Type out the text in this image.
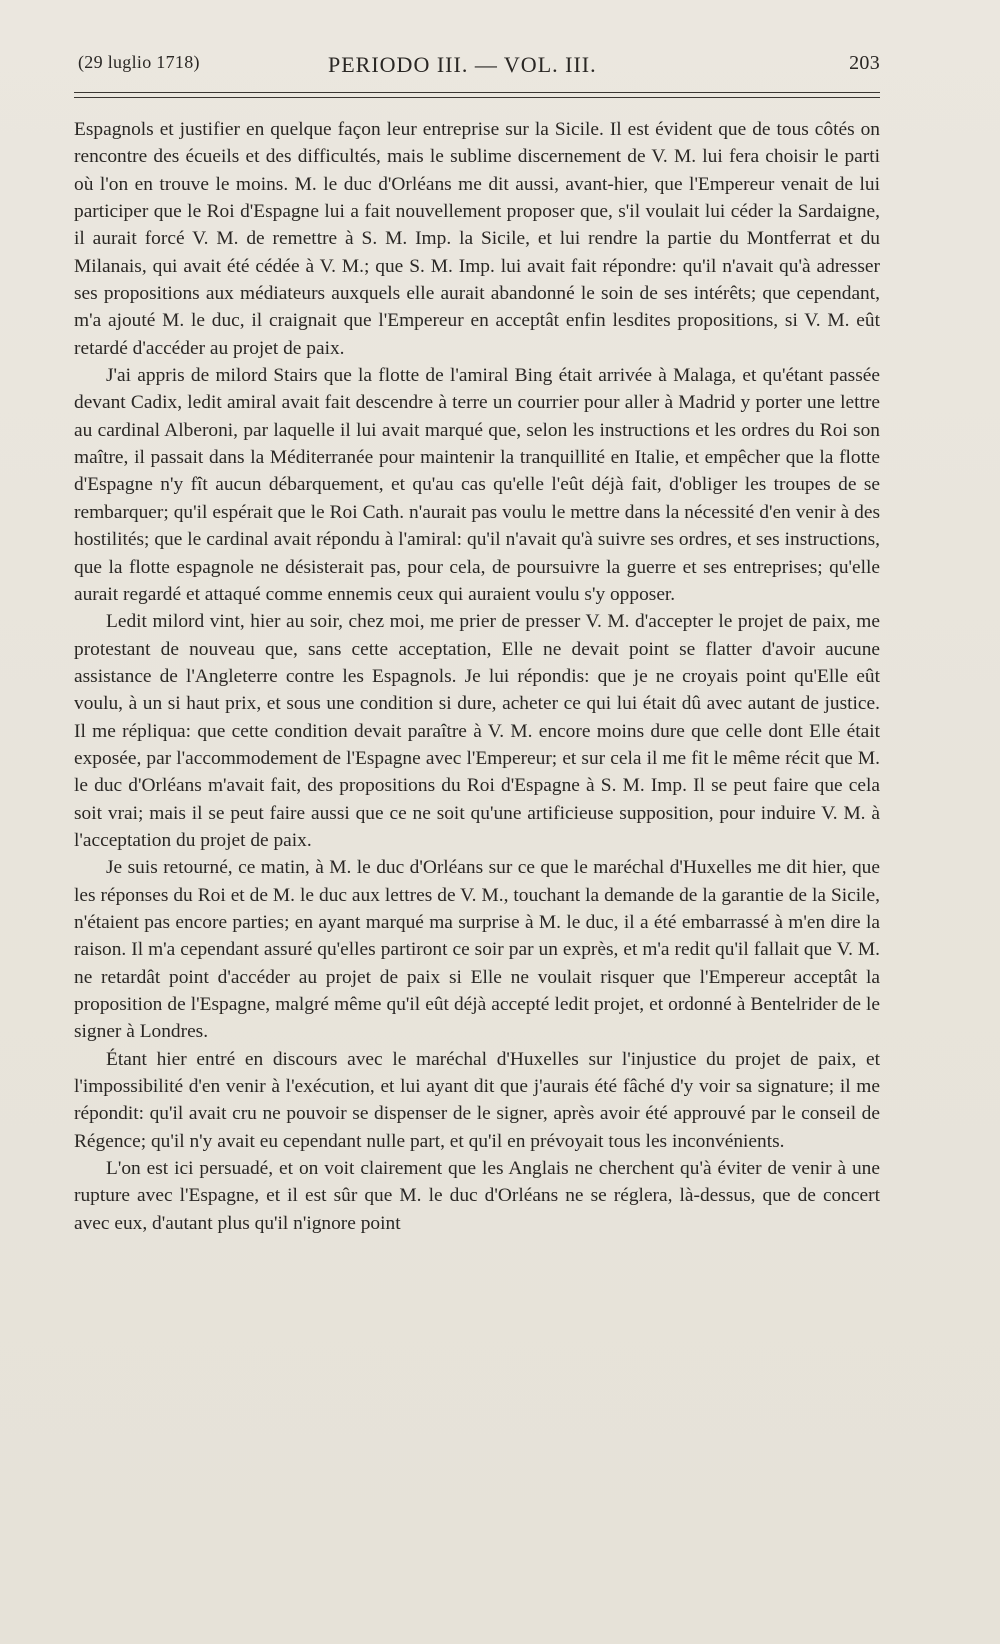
(29 luglio 1718)	PERIODO III. — VOL. III.	203

Espagnols et justifier en quelque façon leur entreprise sur la Sicile. Il est évident que de tous côtés on rencontre des écueils et des difficultés, mais le sublime discernement de V. M. lui fera choisir le parti où l'on en trouve le moins. M. le duc d'Orléans me dit aussi, avant-hier, que l'Empereur venait de lui participer que le Roi d'Espagne lui a fait nouvellement proposer que, s'il voulait lui céder la Sardaigne, il aurait forcé V. M. de remettre à S. M. Imp. la Sicile, et lui rendre la partie du Montferrat et du Milanais, qui avait été cédée à V. M.; que S. M. Imp. lui avait fait répondre: qu'il n'avait qu'à adresser ses propositions aux médiateurs auxquels elle aurait abandonné le soin de ses intérêts; que cependant, m'a ajouté M. le duc, il craignait que l'Empereur en acceptât enfin lesdites propositions, si V. M. eût retardé d'accéder au projet de paix.

J'ai appris de milord Stairs que la flotte de l'amiral Bing était arrivée à Malaga, et qu'étant passée devant Cadix, ledit amiral avait fait descendre à terre un courrier pour aller à Madrid y porter une lettre au cardinal Alberoni, par laquelle il lui avait marqué que, selon les instructions et les ordres du Roi son maître, il passait dans la Méditerranée pour maintenir la tranquillité en Italie, et empêcher que la flotte d'Espagne n'y fît aucun débarquement, et qu'au cas qu'elle l'eût déjà fait, d'obliger les troupes de se rembarquer; qu'il espérait que le Roi Cath. n'aurait pas voulu le mettre dans la nécessité d'en venir à des hostilités; que le cardinal avait répondu à l'amiral: qu'il n'avait qu'à suivre ses ordres, et ses instructions, que la flotte espagnole ne désisterait pas, pour cela, de poursuivre la guerre et ses entreprises; qu'elle aurait regardé et attaqué comme ennemis ceux qui auraient voulu s'y opposer.

Ledit milord vint, hier au soir, chez moi, me prier de presser V. M. d'accepter le projet de paix, me protestant de nouveau que, sans cette acceptation, Elle ne devait point se flatter d'avoir aucune assistance de l'Angleterre contre les Espagnols. Je lui répondis: que je ne croyais point qu'Elle eût voulu, à un si haut prix, et sous une condition si dure, acheter ce qui lui était dû avec autant de justice. Il me répliqua: que cette condition devait paraître à V. M. encore moins dure que celle dont Elle était exposée, par l'accommodement de l'Espagne avec l'Empereur; et sur cela il me fit le même récit que M. le duc d'Orléans m'avait fait, des propositions du Roi d'Espagne à S. M. Imp. Il se peut faire que cela soit vrai; mais il se peut faire aussi que ce ne soit qu'une artificieuse supposition, pour induire V. M. à l'acceptation du projet de paix.

Je suis retourné, ce matin, à M. le duc d'Orléans sur ce que le maréchal d'Huxelles me dit hier, que les réponses du Roi et de M. le duc aux lettres de V. M., touchant la demande de la garantie de la Sicile, n'étaient pas encore parties; en ayant marqué ma surprise à M. le duc, il a été embarrassé à m'en dire la raison. Il m'a cependant assuré qu'elles partiront ce soir par un exprès, et m'a redit qu'il fallait que V. M. ne retardât point d'accéder au projet de paix si Elle ne voulait risquer que l'Empereur acceptât la proposition de l'Espagne, malgré même qu'il eût déjà accepté ledit projet, et ordonné à Bentelrider de le signer à Londres.

Étant hier entré en discours avec le maréchal d'Huxelles sur l'injustice du projet de paix, et l'impossibilité d'en venir à l'exécution, et lui ayant dit que j'aurais été fâché d'y voir sa signature; il me répondit: qu'il avait cru ne pouvoir se dispenser de le signer, après avoir été approuvé par le conseil de Régence; qu'il n'y avait eu cependant nulle part, et qu'il en prévoyait tous les inconvénients.

L'on est ici persuadé, et on voit clairement que les Anglais ne cherchent qu'à éviter de venir à une rupture avec l'Espagne, et il est sûr que M. le duc d'Orléans ne se réglera, là-dessus, que de concert avec eux, d'autant plus qu'il n'ignore point
